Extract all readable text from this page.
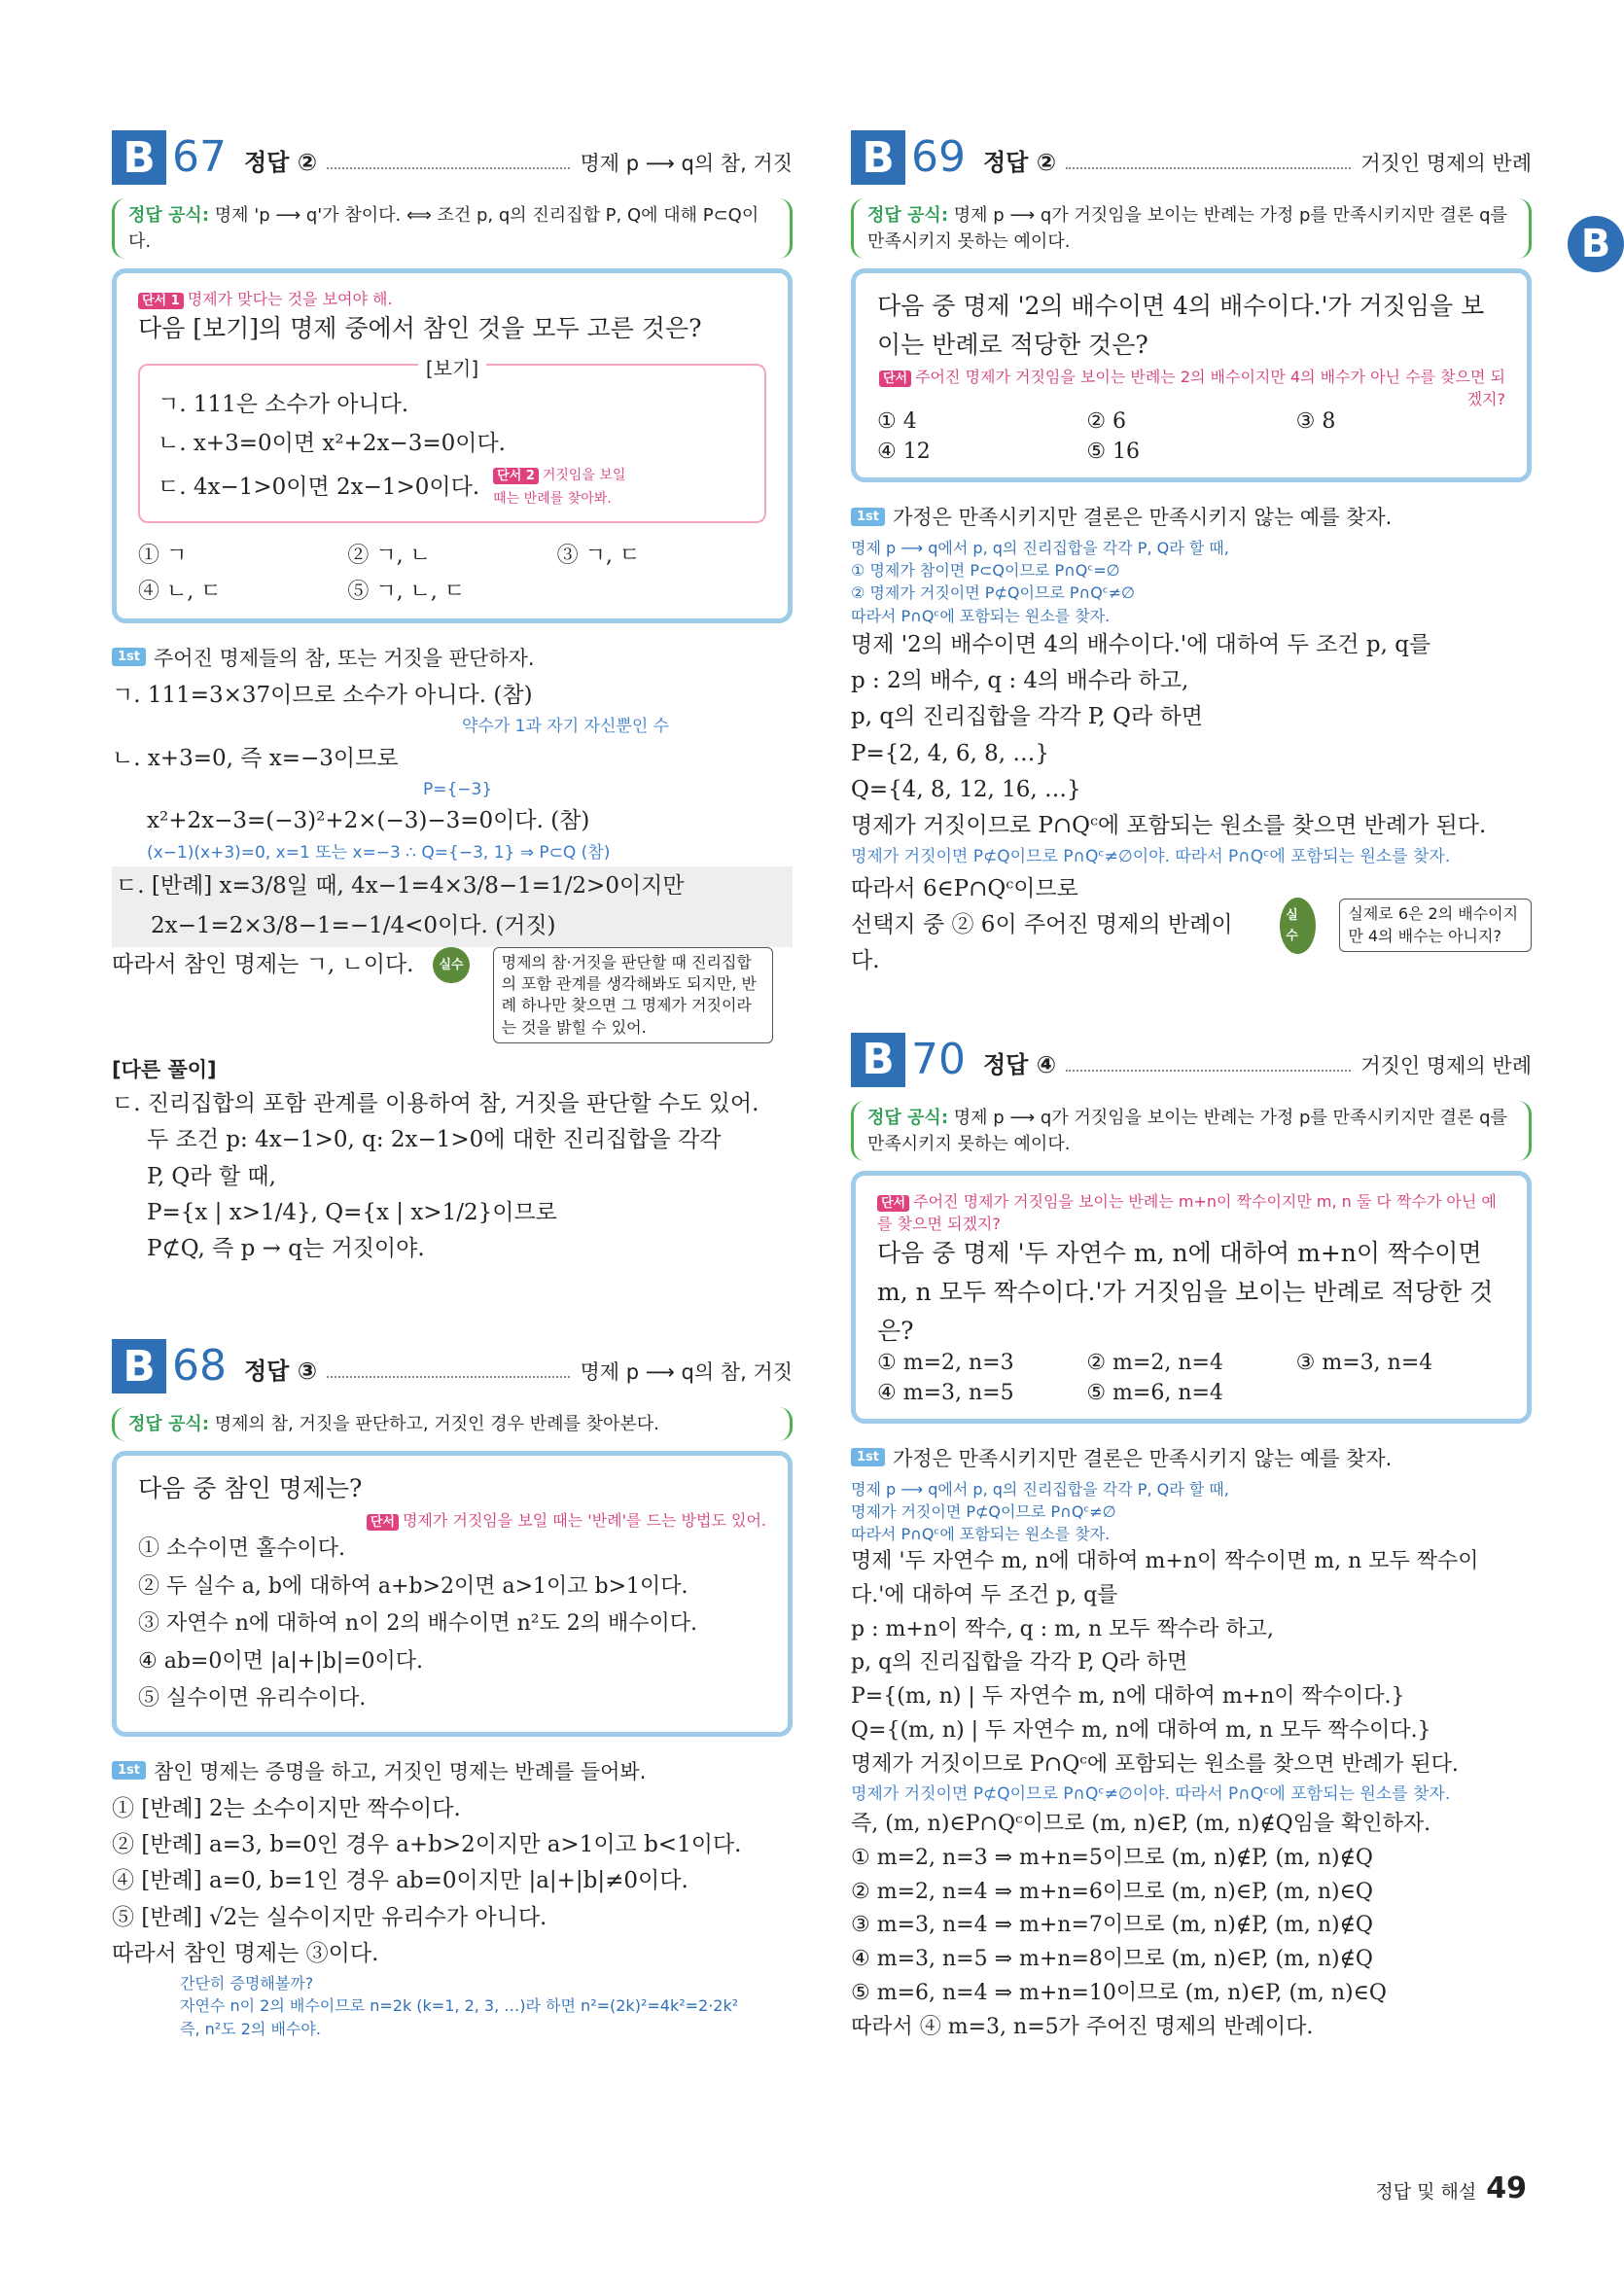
B
B 67 정답 ②	명제 p ⟶ q의 참, 거짓
정답 공식: 명제 'p ⟶ q'가 참이다. ⟺ 조건 p, q의 진리집합 P, Q에 대해 P⊂Q이다.
단서 1 명제가 맞다는 것을 보여야 해.
다음 [보기]의 명제 중에서 참인 것을 모두 고른 것은?
[보기]
ㄱ. 111은 소수가 아니다.
ㄴ. x+3=0이면 x²+2x−3=0이다.
ㄷ. 4x−1>0이면 2x−1>0이다.	단서 2 거짓임을 보일 때는 반례를 찾아봐.
① ㄱ	② ㄱ, ㄴ	③ ㄱ, ㄷ
④ ㄴ, ㄷ	⑤ ㄱ, ㄴ, ㄷ
1st 주어진 명제들의 참, 또는 거짓을 판단하자.
ㄱ. 111=3×37이므로 소수가 아니다. (참)
약수가 1과 자기 자신뿐인 수
ㄴ. x+3=0, 즉 x=−3이므로
P={−3}
x²+2x−3=(−3)²+2×(−3)−3=0이다. (참)
(x−1)(x+3)=0, x=1 또는 x=−3 ∴ Q={−3, 1} ⇒ P⊂Q (참)
ㄷ. [반례] x=3/8일 때, 4x−1=4×3/8−1=1/2>0이지만
2x−1=2×3/8−1=−1/4<0이다. (거짓)
따라서 참인 명제는 ㄱ, ㄴ이다.	실수	명제의 참·거짓을 판단할 때 진리집합의 포함 관계를 생각해봐도 되지만, 반례 하나만 찾으면 그 명제가 거짓이라는 것을 밝힐 수 있어.
[다른 풀이]
ㄷ. 진리집합의 포함 관계를 이용하여 참, 거짓을 판단할 수도 있어.
두 조건 p: 4x−1>0, q: 2x−1>0에 대한 진리집합을 각각
P, Q라 할 때,
P={x | x>1/4}, Q={x | x>1/2}이므로
P⊄Q, 즉 p → q는 거짓이야.
B 68 정답 ③	명제 p ⟶ q의 참, 거짓
정답 공식: 명제의 참, 거짓을 판단하고, 거짓인 경우 반례를 찾아본다.
다음 중 참인 명제는?
단서 명제가 거짓임을 보일 때는 '반례'를 드는 방법도 있어.
① 소수이면 홀수이다.
② 두 실수 a, b에 대하여 a+b>2이면 a>1이고 b>1이다.
③ 자연수 n에 대하여 n이 2의 배수이면 n²도 2의 배수이다.
④ ab=0이면 |a|+|b|=0이다.
⑤ 실수이면 유리수이다.
1st 참인 명제는 증명을 하고, 거짓인 명제는 반례를 들어봐.
① [반례] 2는 소수이지만 짝수이다.
② [반례] a=3, b=0인 경우 a+b>2이지만 a>1이고 b<1이다.
④ [반례] a=0, b=1인 경우 ab=0이지만 |a|+|b|≠0이다.
⑤ [반례] √2는 실수이지만 유리수가 아니다.
따라서 참인 명제는 ③이다.
간단히 증명해볼까?
자연수 n이 2의 배수이므로 n=2k (k=1, 2, 3, …)라 하면 n²=(2k)²=4k²=2·2k²
즉, n²도 2의 배수야.
B 69 정답 ②	거짓인 명제의 반례
정답 공식: 명제 p ⟶ q가 거짓임을 보이는 반례는 가정 p를 만족시키지만 결론 q를 만족시키지 못하는 예이다.
다음 중 명제 '2의 배수이면 4의 배수이다.'가 거짓임을 보이는 반례로 적당한 것은?
단서 주어진 명제가 거짓임을 보이는 반례는 2의 배수이지만 4의 배수가 아닌 수를 찾으면 되겠지?
① 4	② 6	③ 8
④ 12	⑤ 16
1st 가정은 만족시키지만 결론은 만족시키지 않는 예를 찾자.
명제 p ⟶ q에서 p, q의 진리집합을 각각 P, Q라 할 때,
① 명제가 참이면 P⊂Q이므로 P∩Qᶜ=∅
② 명제가 거짓이면 P⊄Q이므로 P∩Qᶜ≠∅
따라서 P∩Qᶜ에 포함되는 원소를 찾자.
명제 '2의 배수이면 4의 배수이다.'에 대하여 두 조건 p, q를
p : 2의 배수, q : 4의 배수라 하고,
p, q의 진리집합을 각각 P, Q라 하면
P={2, 4, 6, 8, …}
Q={4, 8, 12, 16, …}
명제가 거짓이므로 P∩Qᶜ에 포함되는 원소를 찾으면 반례가 된다.
명제가 거짓이면 P⊄Q이므로 P∩Qᶜ≠∅이야. 따라서 P∩Qᶜ에 포함되는 원소를 찾자.
따라서 6∈P∩Qᶜ이므로
선택지 중 ② 6이 주어진 명제의 반례이다.
실수
실제로 6은 2의 배수이지만 4의 배수는 아니지?
B 70 정답 ④	거짓인 명제의 반례
정답 공식: 명제 p ⟶ q가 거짓임을 보이는 반례는 가정 p를 만족시키지만 결론 q를 만족시키지 못하는 예이다.
단서 주어진 명제가 거짓임을 보이는 반례는 m+n이 짝수이지만 m, n 둘 다 짝수가 아닌 예를 찾으면 되겠지?
다음 중 명제 '두 자연수 m, n에 대하여 m+n이 짝수이면 m, n 모두 짝수이다.'가 거짓임을 보이는 반례로 적당한 것은?
① m=2, n=3	② m=2, n=4	③ m=3, n=4
④ m=3, n=5	⑤ m=6, n=4
1st 가정은 만족시키지만 결론은 만족시키지 않는 예를 찾자.
명제 p ⟶ q에서 p, q의 진리집합을 각각 P, Q라 할 때,
명제가 거짓이면 P⊄Q이므로 P∩Qᶜ≠∅
따라서 P∩Qᶜ에 포함되는 원소를 찾자.
명제 '두 자연수 m, n에 대하여 m+n이 짝수이면 m, n 모두 짝수이다.'에 대하여 두 조건 p, q를
p : m+n이 짝수, q : m, n 모두 짝수라 하고,
p, q의 진리집합을 각각 P, Q라 하면
P={(m, n) | 두 자연수 m, n에 대하여 m+n이 짝수이다.}
Q={(m, n) | 두 자연수 m, n에 대하여 m, n 모두 짝수이다.}
명제가 거짓이므로 P∩Qᶜ에 포함되는 원소를 찾으면 반례가 된다.
명제가 거짓이면 P⊄Q이므로 P∩Qᶜ≠∅이야. 따라서 P∩Qᶜ에 포함되는 원소를 찾자.
즉, (m, n)∈P∩Qᶜ이므로 (m, n)∈P, (m, n)∉Q임을 확인하자.
① m=2, n=3 ⇒ m+n=5이므로 (m, n)∉P, (m, n)∉Q
② m=2, n=4 ⇒ m+n=6이므로 (m, n)∈P, (m, n)∈Q
③ m=3, n=4 ⇒ m+n=7이므로 (m, n)∉P, (m, n)∉Q
④ m=3, n=5 ⇒ m+n=8이므로 (m, n)∈P, (m, n)∉Q
⑤ m=6, n=4 ⇒ m+n=10이므로 (m, n)∈P, (m, n)∈Q
따라서 ④ m=3, n=5가 주어진 명제의 반례이다.
정답 및 해설 49
